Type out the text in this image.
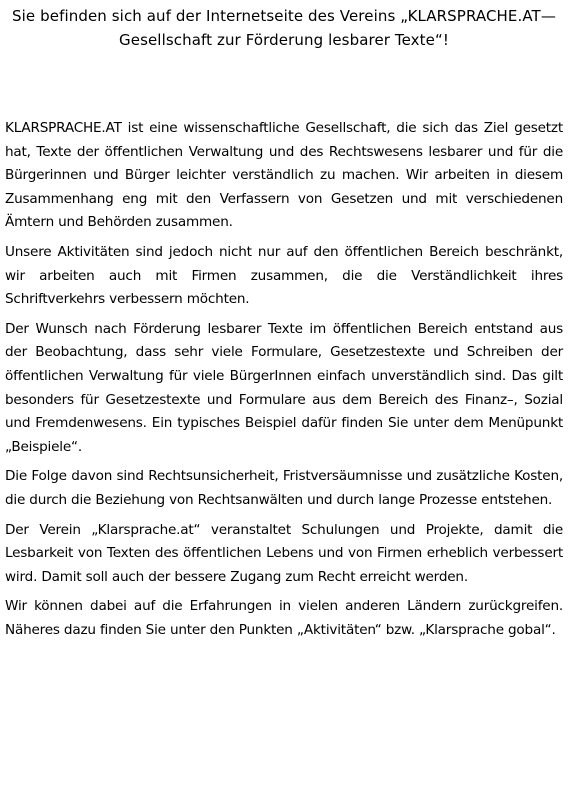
Sie befinden sich auf der Internetseite des Vereins „KLARSPRACHE.AT— Gesellschaft zur Förderung lesbarer Texte“!

KLARSPRACHE.AT ist eine wissenschaftliche Gesellschaft, die sich das Ziel gesetzt hat, Texte der öffentlichen Verwaltung und des Rechtswesens lesbarer und für die Bürgerinnen und Bürger leichter verständlich zu machen. Wir arbeiten in diesem Zusammenhang eng mit den Verfassern von Gesetzen und mit verschiedenen Ämtern und Behörden zusammen.

Unsere Aktivitäten sind jedoch nicht nur auf den öffentlichen Bereich beschränkt, wir arbeiten auch mit Firmen zusammen, die die Verständlichkeit ihres Schriftverkehrs verbessern möchten.

Der Wunsch nach Förderung lesbarer Texte im öffentlichen Bereich entstand aus der Beobachtung, dass sehr viele Formulare, Gesetzestexte und Schreiben der öffentlichen Verwaltung für viele BürgerInnen einfach unverständlich sind. Das gilt besonders für Gesetzestexte und Formulare aus dem Bereich des Finanz–, Sozial und Fremdenwesens. Ein typisches Beispiel dafür finden Sie unter dem Menüpunkt „Beispiele“.

Die Folge davon sind Rechtsunsicherheit, Fristversäumnisse und zusätzliche Kosten, die durch die Beziehung von Rechtsanwälten und durch lange Prozesse entstehen.

Der Verein „Klarsprache.at“ veranstaltet Schulungen und Projekte, damit die Lesbarkeit von Texten des öffentlichen Lebens und von Firmen erheblich verbessert wird. Damit soll auch der bessere Zugang zum Recht erreicht werden.

Wir können dabei auf die Erfahrungen in vielen anderen Ländern zurückgreifen. Näheres dazu finden Sie unter den Punkten „Aktivitäten“ bzw. „Klarsprache gobal“.
